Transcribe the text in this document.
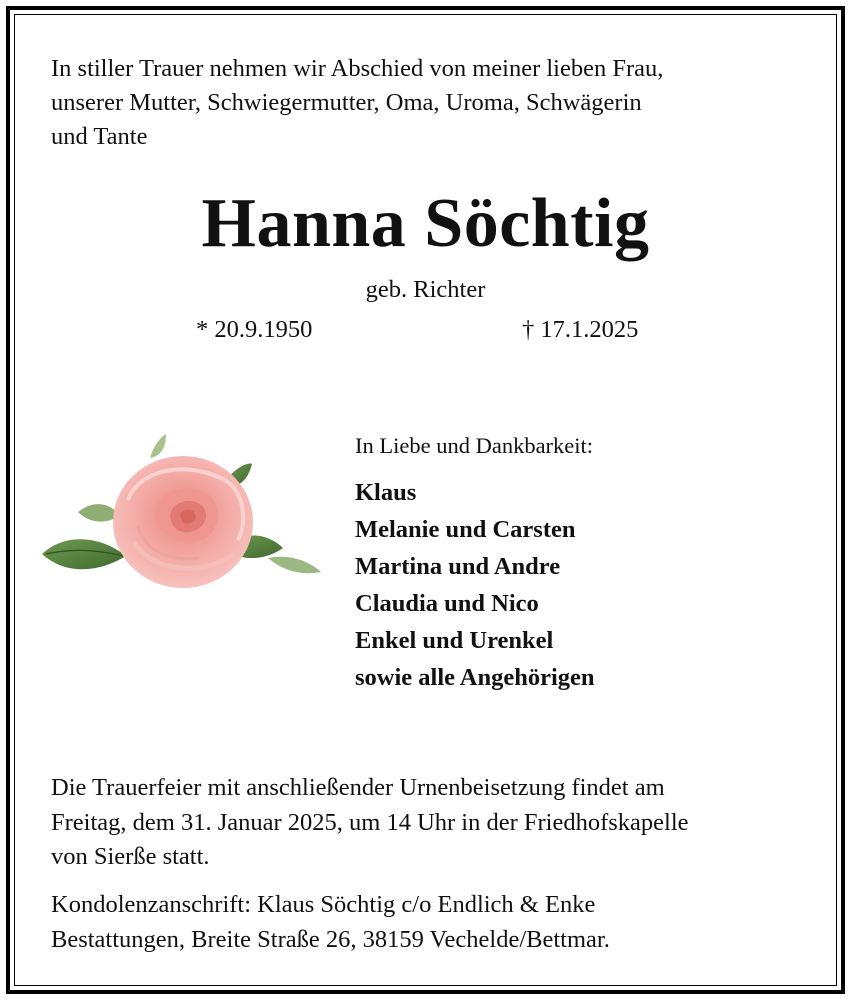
In stiller Trauer nehmen wir Abschied von meiner lieben Frau,
unserer Mutter, Schwiegermutter, Oma, Uroma, Schwägerin
und Tante
Hanna Söchtig
geb. Richter
* 20.9.1950	† 17.1.2025
In Liebe und Dankbarkeit:
Klaus
Melanie und Carsten
Martina und Andre
Claudia und Nico
Enkel und Urenkel
sowie alle Angehörigen
Die Trauerfeier mit anschließender Urnenbeisetzung findet am
Freitag, dem 31. Januar 2025, um 14 Uhr in der Friedhofskapelle
von Sierße statt.
Kondolenzanschrift: Klaus Söchtig c/o Endlich & Enke
Bestattungen, Breite Straße 26, 38159 Vechelde/Bettmar.
